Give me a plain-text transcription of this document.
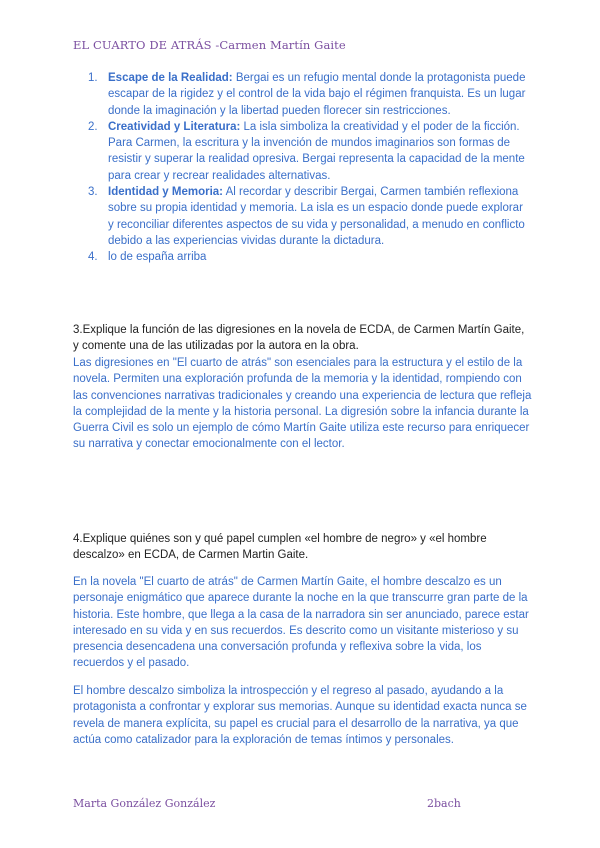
EL CUARTO DE ATRÁS -Carmen Martín Gaite
1. Escape de la Realidad: Bergai es un refugio mental donde la protagonista puede escapar de la rigidez y el control de la vida bajo el régimen franquista. Es un lugar donde la imaginación y la libertad pueden florecer sin restricciones.
2. Creatividad y Literatura: La isla simboliza la creatividad y el poder de la ficción. Para Carmen, la escritura y la invención de mundos imaginarios son formas de resistir y superar la realidad opresiva. Bergai representa la capacidad de la mente para crear y recrear realidades alternativas.
3. Identidad y Memoria: Al recordar y describir Bergai, Carmen también reflexiona sobre su propia identidad y memoria. La isla es un espacio donde puede explorar y reconciliar diferentes aspectos de su vida y personalidad, a menudo en conflicto debido a las experiencias vividas durante la dictadura.
4. lo de españa arriba
3.Explique la función de las digresiones en la novela de ECDA, de Carmen Martín Gaite, y comente una de las utilizadas por la autora en la obra.
Las digresiones en "El cuarto de atrás" son esenciales para la estructura y el estilo de la novela. Permiten una exploración profunda de la memoria y la identidad, rompiendo con las convenciones narrativas tradicionales y creando una experiencia de lectura que refleja la complejidad de la mente y la historia personal. La digresión sobre la infancia durante la Guerra Civil es solo un ejemplo de cómo Martín Gaite utiliza este recurso para enriquecer su narrativa y conectar emocionalmente con el lector.
4.Explique quiénes son y qué papel cumplen «el hombre de negro» y «el hombre descalzo» en ECDA, de Carmen Martin Gaite.
En la novela "El cuarto de atrás" de Carmen Martín Gaite, el hombre descalzo es un personaje enigmático que aparece durante la noche en la que transcurre gran parte de la historia. Este hombre, que llega a la casa de la narradora sin ser anunciado, parece estar interesado en su vida y en sus recuerdos. Es descrito como un visitante misterioso y su presencia desencadena una conversación profunda y reflexiva sobre la vida, los recuerdos y el pasado.
El hombre descalzo simboliza la introspección y el regreso al pasado, ayudando a la protagonista a confrontar y explorar sus memorias. Aunque su identidad exacta nunca se revela de manera explícita, su papel es crucial para el desarrollo de la narrativa, ya que actúa como catalizador para la exploración de temas íntimos y personales.
Marta González González	2bach
